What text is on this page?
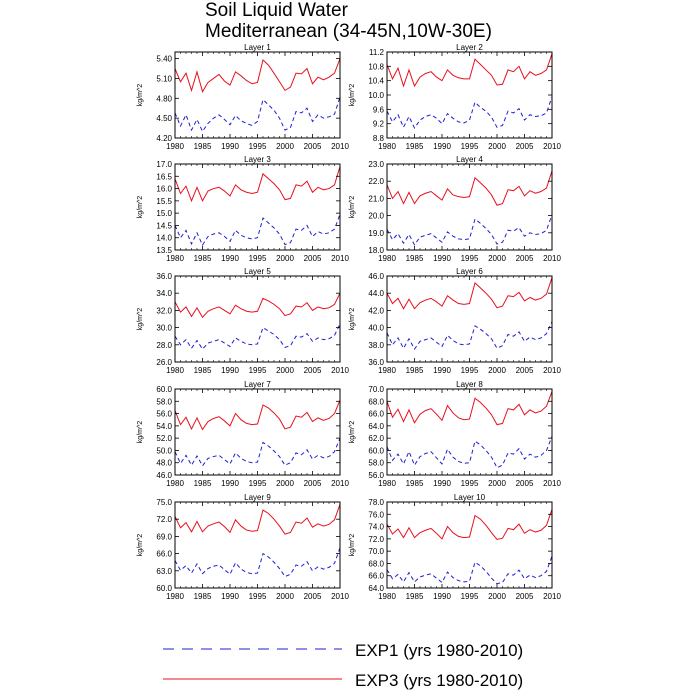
Soil Liquid Water
Mediterranean (34-45N,10W-30E)
Layer 1
kg/m^2
1980 1985 1990 1995 2000 2005 2010
4.20
4.50
4.80
5.10
5.40
Layer 2
kg/m^2
1980 1985 1990 1995 2000 2005 2010
8.8
9.2
9.6
10.0
10.4
10.8
11.2
Layer 3
kg/m^2
1980 1985 1990 1995 2000 2005 2010
13.5
14.0
14.5
15.0
15.5
16.0
16.5
17.0
Layer 4
kg/m^2
1980 1985 1990 1995 2000 2005 2010
18.0
19.0
20.0
21.0
22.0
23.0
Layer 5
kg/m^2
1980 1985 1990 1995 2000 2005 2010
26.0
28.0
30.0
32.0
34.0
36.0
Layer 6
kg/m^2
1980 1985 1990 1995 2000 2005 2010
36.0
38.0
40.0
42.0
44.0
46.0
Layer 7
kg/m^2
1980 1985 1990 1995 2000 2005 2010
46.0
48.0
50.0
52.0
54.0
56.0
58.0
60.0
Layer 8
kg/m^2
1980 1985 1990 1995 2000 2005 2010
56.0
58.0
60.0
62.0
64.0
66.0
68.0
70.0
Layer 9
kg/m^2
1980 1985 1990 1995 2000 2005 2010
60.0
63.0
66.0
69.0
72.0
75.0
Layer 10
kg/m^2
1980 1985 1990 1995 2000 2005 2010
64.0
66.0
68.0
70.0
72.0
74.0
76.0
78.0
EXP1 (yrs 1980-2010)
EXP3 (yrs 1980-2010)
